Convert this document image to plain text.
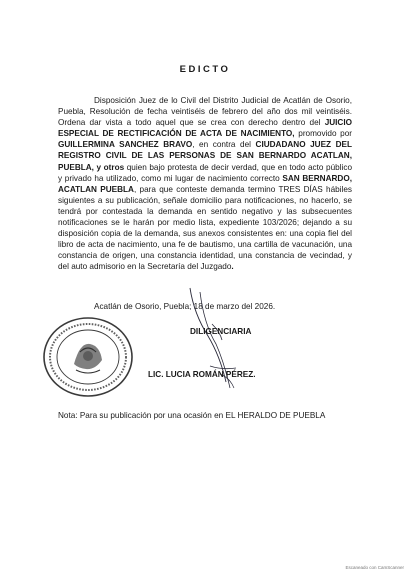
EDICTO

Disposición Juez de lo Civil del Distrito Judicial de Acatlán de Osorio, Puebla, Resolución de fecha veintiséis de febrero del año dos mil veintiséis. Ordena dar vista a todo aquel que se crea con derecho dentro del JUICIO ESPECIAL DE RECTIFICACIÓN DE ACTA DE NACIMIENTO, promovido por GUILLERMINA SANCHEZ BRAVO, en contra del CIUDADANO JUEZ DEL REGISTRO CIVIL DE LAS PERSONAS DE SAN BERNARDO ACATLAN, PUEBLA, y otros quien bajo protesta de decir verdad, que en todo acto público y privado ha utilizado, como mi lugar de nacimiento correcto SAN BERNARDO, ACATLAN PUEBLA, para que conteste demanda termino TRES DÍAS hábiles siguientes a su publicación, señale domicilio para notificaciones, no hacerlo, se tendrá por contestada la demanda en sentido negativo y las subsecuentes notificaciones se le harán por medio lista, expediente 103/2026; dejando a su disposición copia de la demanda, sus anexos consistentes en: una copia fiel del libro de acta de nacimiento, una fe de bautismo, una cartilla de vacunación, una constancia de origen, una constancia identidad, una constancia de vecindad, y del auto admisorio en la Secretaría del Juzgado.

Acatlán de Osorio, Puebla; 18 de marzo del 2026.
DILIGENCIARIA
LIC. LUCIA ROMÁN PÉREZ.
Nota: Para su publicación por una ocasión en EL HERALDO DE PUEBLA
Escaneado con CamScanner
